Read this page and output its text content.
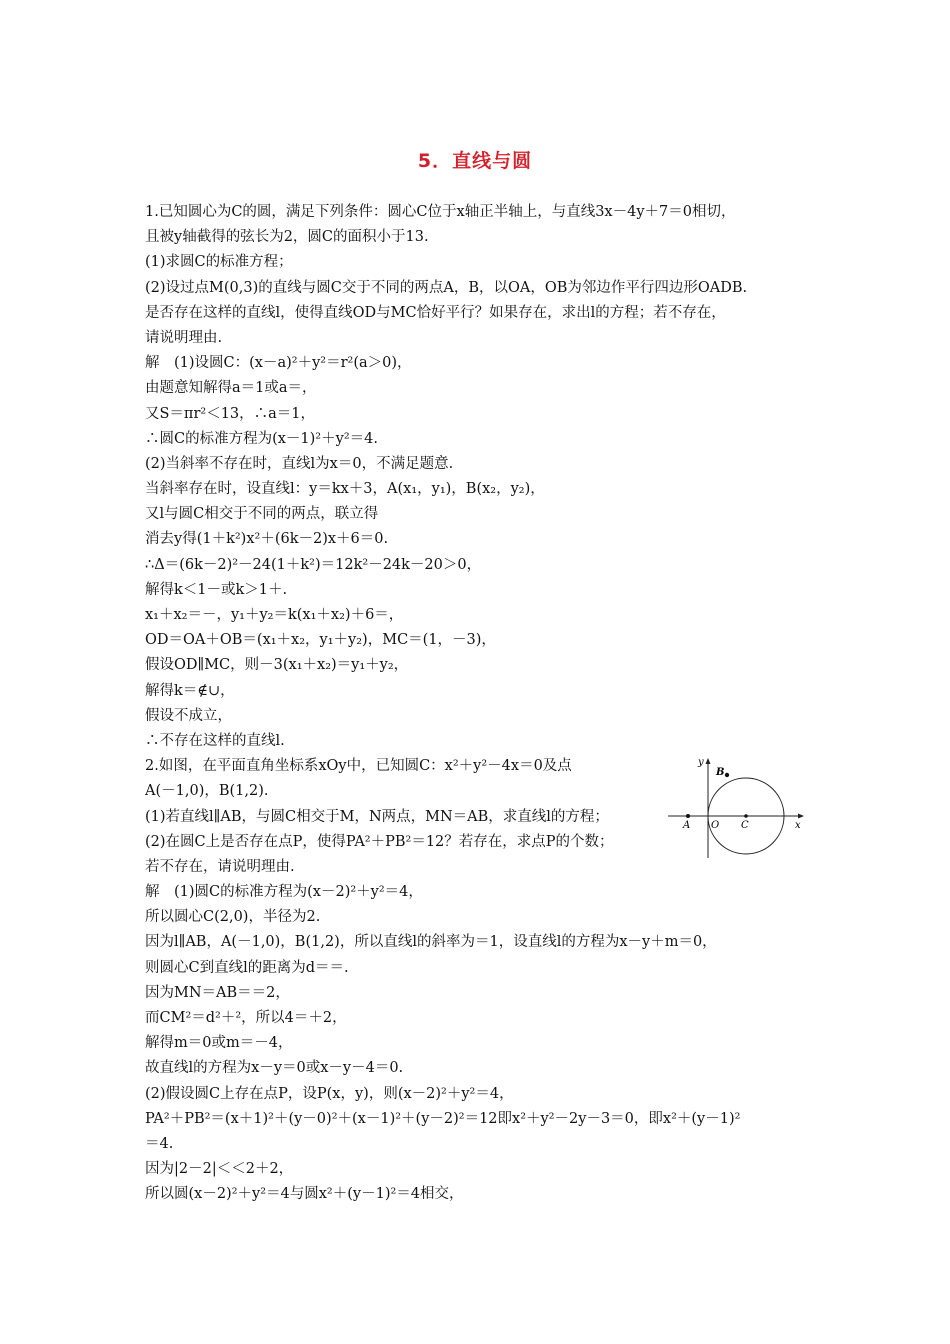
5．直线与圆
1.已知圆心为C的圆，满足下列条件：圆心C位于x轴正半轴上，与直线3x－4y＋7＝0相切，
且被y轴截得的弦长为2，圆C的面积小于13.
(1)求圆C的标准方程；
(2)设过点M(0,3)的直线与圆C交于不同的两点A，B，以OA，OB为邻边作平行四边形OADB.
是否存在这样的直线l，使得直线OD与MC恰好平行？如果存在，求出l的方程；若不存在，
请说明理由.
解　(1)设圆C：(x－a)²＋y²＝r²(a＞0)，
由题意知解得a＝1或a＝，
又S＝πr²＜13，∴a＝1，
∴圆C的标准方程为(x－1)²＋y²＝4.
(2)当斜率不存在时，直线l为x＝0，不满足题意.
当斜率存在时，设直线l：y＝kx＋3，A(x₁，y₁)，B(x₂，y₂)，
又l与圆C相交于不同的两点，联立得
消去y得(1＋k²)x²＋(6k－2)x＋6＝0.
∴Δ＝(6k－2)²－24(1＋k²)＝12k²－24k－20＞0，
解得k＜1－或k＞1＋.
x₁＋x₂＝－，y₁＋y₂＝k(x₁＋x₂)＋6＝，
OD＝OA＋OB＝(x₁＋x₂，y₁＋y₂)，MC＝(1，－3)，
假设OD∥MC，则－3(x₁＋x₂)＝y₁＋y₂，
解得k＝∉∪，
假设不成立，
∴不存在这样的直线l.
2.如图，在平面直角坐标系xOy中，已知圆C：x²＋y²－4x＝0及点
A(－1,0)，B(1,2).
(1)若直线l∥AB，与圆C相交于M，N两点，MN＝AB，求直线l的方程；
(2)在圆C上是否存在点P，使得PA²＋PB²＝12？若存在，求点P的个数；
若不存在，请说明理由.
解　(1)圆C的标准方程为(x－2)²＋y²＝4，
所以圆心C(2,0)，半径为2.
因为l∥AB，A(－1,0)，B(1,2)，所以直线l的斜率为＝1，设直线l的方程为x－y＋m＝0，
则圆心C到直线l的距离为d＝＝.
因为MN＝AB＝＝2，
而CM²＝d²＋²，所以4＝＋2，
解得m＝0或m＝－4，
故直线l的方程为x－y＝0或x－y－4＝0.
(2)假设圆C上存在点P，设P(x，y)，则(x－2)²＋y²＝4，
PA²＋PB²＝(x＋1)²＋(y－0)²＋(x－1)²＋(y－2)²＝12即x²＋y²－2y－3＝0，即x²＋(y－1)²
＝4.
因为|2－2|＜＜2＋2，
所以圆(x－2)²＋y²＝4与圆x²＋(y－1)²＝4相交，
y
x
A O C
B
